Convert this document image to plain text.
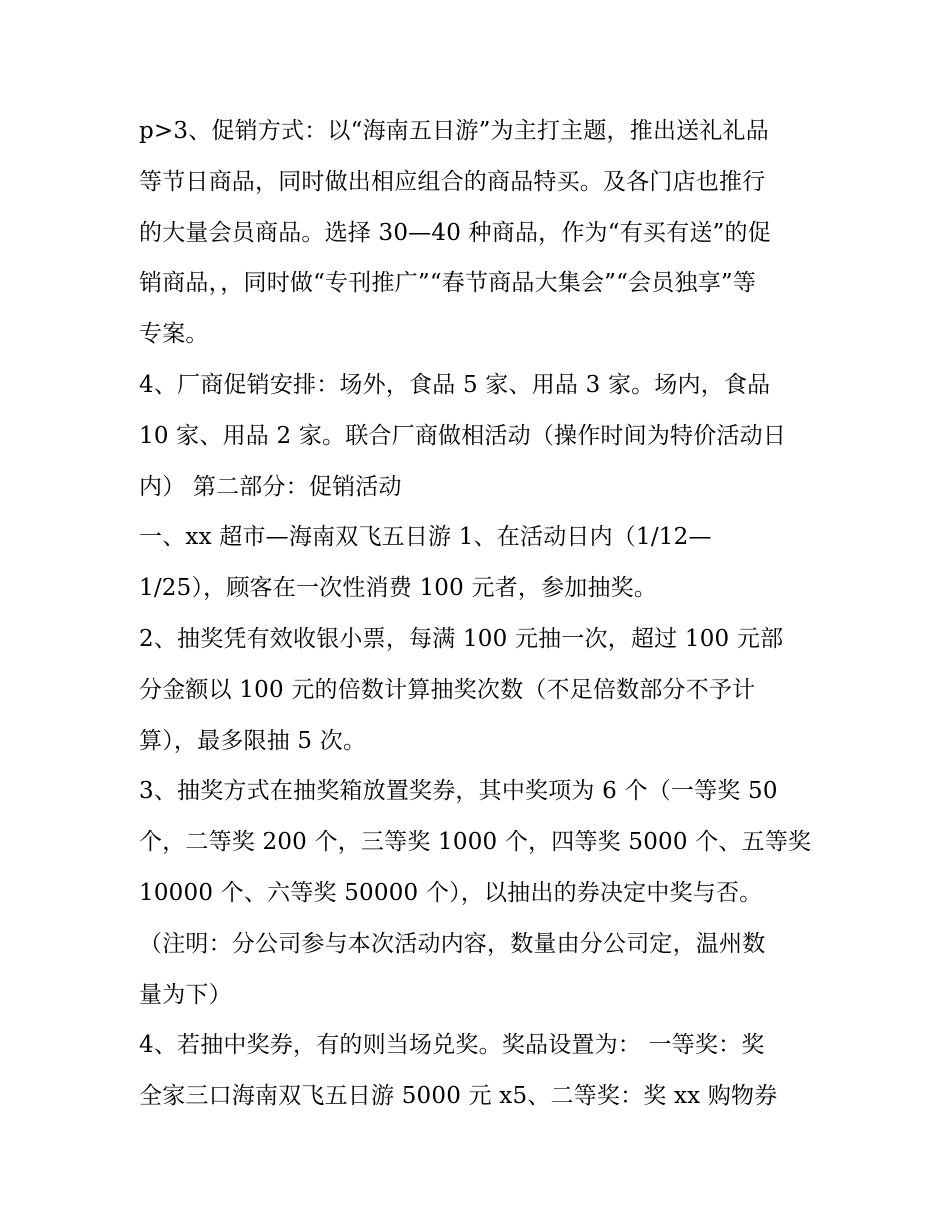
p>3、促销方式：以“海南五日游”为主打主题，推出送礼礼品
等节日商品，同时做出相应组合的商品特买。及各门店也推行
的大量会员商品。选择 30—40 种商品，作为“有买有送”的促
销商品，，同时做“专刊推广”“春节商品大集会”“会员独享”等
专案。
4、厂商促销安排：场外，食品 5 家、用品 3 家。场内，食品
10 家、用品 2 家。联合厂商做相活动（操作时间为特价活动日
内） 第二部分：促销活动
一、xx 超市—海南双飞五日游 1、在活动日内（1/12—
1/25），顾客在一次性消费 100 元者，参加抽奖。
2、抽奖凭有效收银小票，每满 100 元抽一次，超过 100 元部
分金额以 100 元的倍数计算抽奖次数（不足倍数部分不予计
算），最多限抽 5 次。
3、抽奖方式在抽奖箱放置奖券，其中奖项为 6 个（一等奖 50
个，二等奖 200 个，三等奖 1000 个，四等奖 5000 个、五等奖
10000 个、六等奖 50000 个），以抽出的券决定中奖与否。
（注明：分公司参与本次活动内容，数量由分公司定，温州数
量为下）
4、若抽中奖券，有的则当场兑奖。奖品设置为： 一等奖：奖
全家三口海南双飞五日游 5000 元 x5、二等奖：奖 xx 购物券
